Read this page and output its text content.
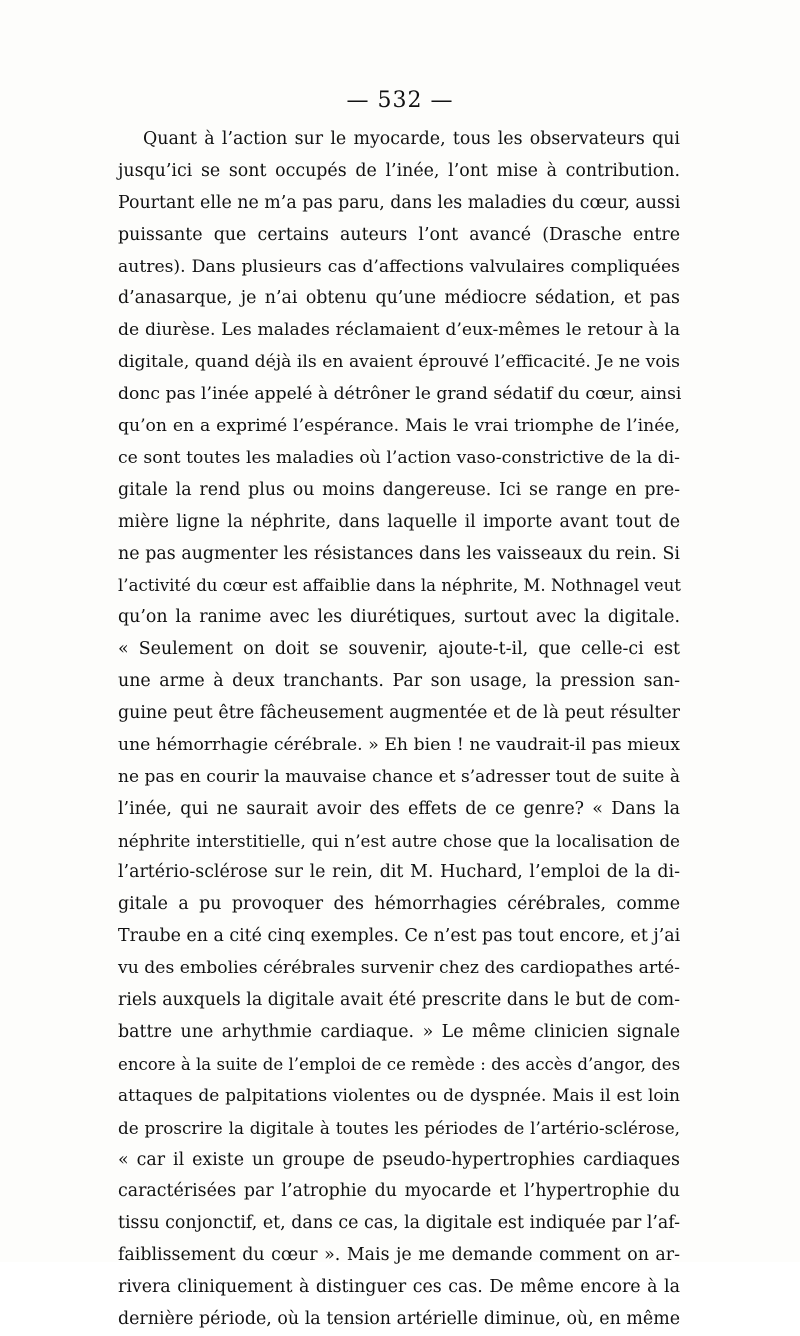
— 532 —
Quant à l’action sur le myocarde, tous les observateurs qui
jusqu’ici se sont occupés de l’inée, l’ont mise à contribution.
Pourtant elle ne m’a pas paru, dans les maladies du cœur, aussi
puissante que certains auteurs l’ont avancé (Drasche entre
autres). Dans plusieurs cas d’affections valvulaires compliquées
d’anasarque, je n’ai obtenu qu’une médiocre sédation, et pas
de diurèse. Les malades réclamaient d’eux-mêmes le retour à la
digitale, quand déjà ils en avaient éprouvé l’efficacité. Je ne vois
donc pas l’inée appelé à détrôner le grand sédatif du cœur, ainsi
qu’on en a exprimé l’espérance. Mais le vrai triomphe de l’inée,
ce sont toutes les maladies où l’action vaso-constrictive de la di-
gitale la rend plus ou moins dangereuse. Ici se range en pre-
mière ligne la néphrite, dans laquelle il importe avant tout de
ne pas augmenter les résistances dans les vaisseaux du rein. Si
l’activité du cœur est affaiblie dans la néphrite, M. Nothnagel veut
qu’on la ranime avec les diurétiques, surtout avec la digitale.
« Seulement on doit se souvenir, ajoute-t-il, que celle-ci est
une arme à deux tranchants. Par son usage, la pression san-
guine peut être fâcheusement augmentée et de là peut résulter
une hémorrhagie cérébrale. » Eh bien ! ne vaudrait-il pas mieux
ne pas en courir la mauvaise chance et s’adresser tout de suite à
l’inée, qui ne saurait avoir des effets de ce genre? « Dans la
néphrite interstitielle, qui n’est autre chose que la localisation de
l’artério-sclérose sur le rein, dit M. Huchard, l’emploi de la di-
gitale a pu provoquer des hémorrhagies cérébrales, comme
Traube en a cité cinq exemples. Ce n’est pas tout encore, et j’ai
vu des embolies cérébrales survenir chez des cardiopathes arté-
riels auxquels la digitale avait été prescrite dans le but de com-
battre une arhythmie cardiaque. » Le même clinicien signale
encore à la suite de l’emploi de ce remède : des accès d’angor, des
attaques de palpitations violentes ou de dyspnée. Mais il est loin
de proscrire la digitale à toutes les périodes de l’artério-sclérose,
« car il existe un groupe de pseudo-hypertrophies cardiaques
caractérisées par l’atrophie du myocarde et l’hypertrophie du
tissu conjonctif, et, dans ce cas, la digitale est indiquée par l’af-
faiblissement du cœur ». Mais je me demande comment on ar-
rivera cliniquement à distinguer ces cas. De même encore à la
dernière période, où la tension artérielle diminue, où, en même
